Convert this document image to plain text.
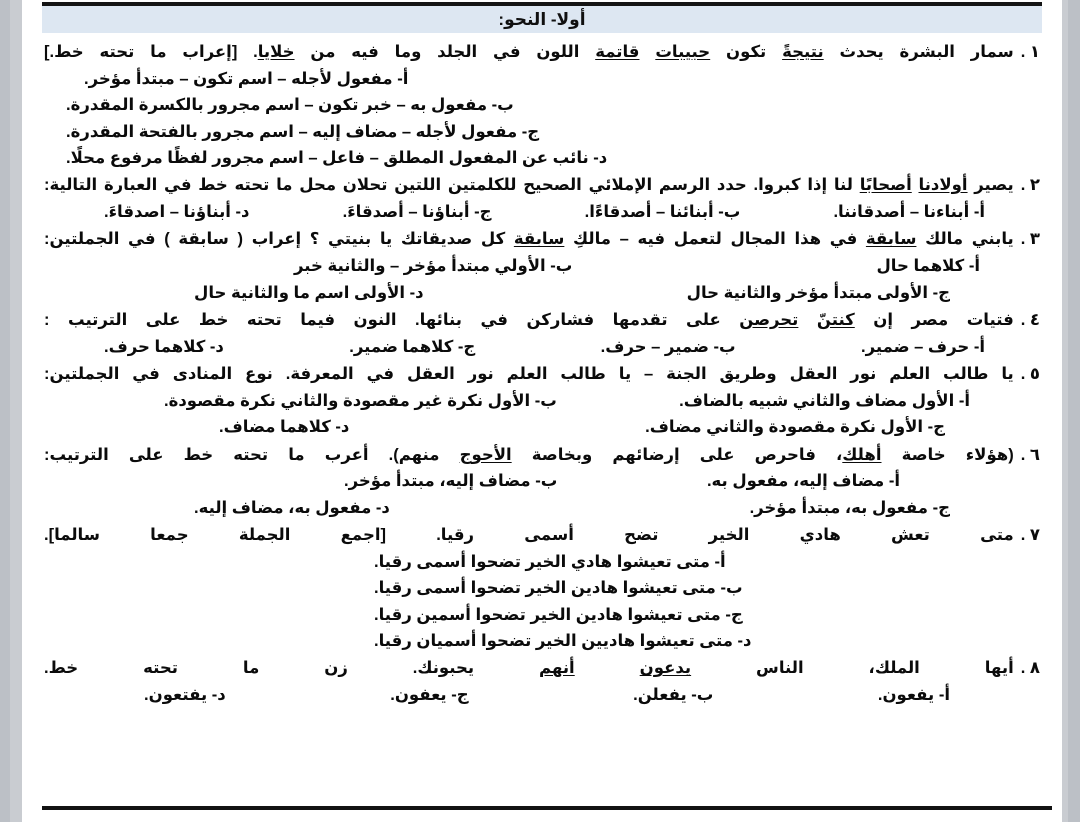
أولا- النحو:
١ .
سمار البشرة يحدث نتيجةً تكون حبيبات قاتمة اللون في الجلد وما فيه من خلايا. [إعراب ما تحته خط.]
أ- مفعول لأجله – اسم تكون – مبتدأ مؤخر.
ب- مفعول به – خبر تكون – اسم مجرور بالكسرة المقدرة.
ج- مفعول لأجله – مضاف إليه – اسم مجرور بالفتحة المقدرة.
د- نائب عن المفعول المطلق – فاعل – اسم مجرور لفظًا مرفوع محلًا.
٢ .
يصير أولادنا أصحابًا لنا إذا كبروا. حدد الرسم الإملائي الصحيح للكلمتين اللتين تحلان محل ما تحته خط في العبارة التالية:
أ- أبناءنا – أصدقاننا.
ب- أبنائنا – أصدقاءًا.
ج- أبناؤنا – أصدقاءَ.
د- أبناؤنا – اصدقاءَ.
٣ .
يابني مالك سابقة في هذا المجال لتعمل فيه – مالكِ سابقة كل صديقاتك يا بنيتي ؟ إعراب ( سابقة ) في الجملتين:
أ- كلاهما حال
ب- الأولي مبتدأ مؤخر – والثانية خبر
ج- الأولى مبتدأ مؤخر والثانية حال
د- الأولى اسم ما والثانية حال
٤ .
فتيات مصر إن كنتنّ تحرصن على تقدمها فشاركن في بنائها. النون فيما تحته خط على الترتيب :
أ- حرف – ضمير.
ب- ضمير – حرف.
ج- كلاهما ضمير.
د- كلاهما حرف.
٥ .
يا طالب العلم نور العقل وطريق الجنة – يا طالب العلم نور العقل في المعرفة. نوع المنادى في الجملتين:
أ- الأول مضاف والثاني شبيه بالضاف.
ب- الأول نكرة غير مقصودة والثاني نكرة مقصودة.
ج- الأول نكرة مقصودة والثاني مضاف.
د- كلاهما مضاف.
٦ .
(هؤلاء خاصة أهلك، فاحرص على إرضائهم وبخاصة الأحوج منهم). أعرب ما تحته خط على الترتيب:
أ- مضاف إليه، مفعول به.
ب- مضاف إليه، مبتدأ مؤخر.
ج- مفعول به، مبتدأ مؤخر.
د- مفعول به، مضاف إليه.
٧ .
متى تعش هادي الخير تضح أسمى رقيا. [اجمع الجملة جمعا سالما].
أ- متى تعيشوا هادي الخير تضحوا أسمى رقيا.
ب- متى تعيشوا هادين الخير تضحوا أسمى رقيا.
ج- متى تعيشوا هادين الخير تضحوا أسمين رقيا.
د- متى تعيشوا هاديين الخير تضحوا أسميان رقيا.
٨ .
أيها الملك، الناس يدعون أنهم يحبونك. زن ما تحته خط.
أ- يفعون.
ب- يفعلن.
ج- يعفون.
د- يفتعون.
